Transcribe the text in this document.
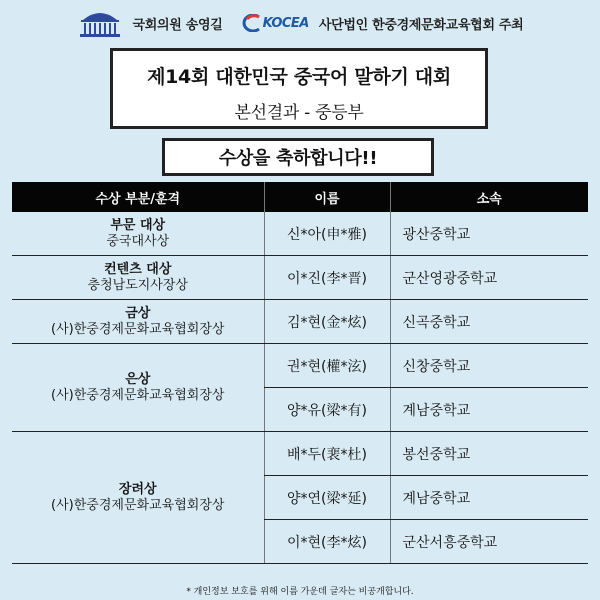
국회의원 송영길	KOCEA 사단법인 한중경제문화교육협회 주최
제14회 대한민국 중국어 말하기 대회
본선결과 - 중등부
수상을 축하합니다!!
수상 부분/훈격	이름	소속

부문 대상
중국대사상	신*아(申*雅)	광산중학교

컨텐츠 대상
충청남도지사장상	이*진(李*晋)	군산영광중학교

금상
(사)한중경제문화교육협회장상	김*현(金*炫)	신곡중학교

은상
(사)한중경제문화교육협회장상	권*현(權*泫)	신창중학교
	양*유(梁*有)	계남중학교

장려상
(사)한중경제문화교육협회장상	배*두(裵*杜)	봉선중학교
	양*연(梁*延)	계남중학교
	이*현(李*炫)	군산서흥중학교
* 개인정보 보호를 위해 이름 가운데 글자는 비공개합니다.
